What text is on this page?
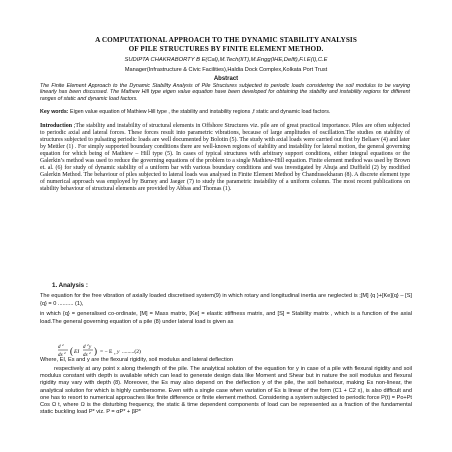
A COMPUTATIONAL APPROACH TO THE DYNAMIC STABILITY ANALYSIS
OF PILE STRUCTURES BY FINITE ELEMENT METHOD.
SUDIPTA CHAKRABORTY B E(Cal),M.Tech(IIT),M.Engg(IHE,Delft),F.I.E(I),C.E
Manager(Infrastructure & Civic Facilities),Haldia Dock Complex,Kolkata Port Trust
Abstract
The Finite Element Approach to the Dynamic Stability Analysis of Pile Structures subjected to periodic loads considering the soil modulus to be varying linearly has been discussed. The Mathew Hill type eigen value equation have been developed for obtaining the stability and instability regions for different ranges of static and dynamic load factors.
Key words: Eigen value equation of Mathiew Hill type , the stability and instability regions ,f static and dynamic load factors.
Introduction ;The stability and instability of structural elements in Offshore Structures viz. pile are of great practical importance. Piles are often subjected to periodic axial and lateral forces. These forces result into parametric vibrations, because of large amplitudes of oscillation.The studies on stability of structures subjected to pulsating periodic loads are well documented by Bolotin (5). The study with axial loads were carried out first by Beliaev (4) and later by Mettler (1) . For simply supported boundary conditions there are well-known regions of stability and instability for lateral motion, the general governing equation for which being of Mathiew – Hill type (5). In cases of typical structures with arbitrary support conditions, either integral equations or the Galerkin’s method was used to reduce the governing equations of the problem to a single Mathiew-Hill equation. Finite element method was used by Brown et. al. (6) for study of dynamic stability of a uniform bar with various boundary conditions and was investigated by Ahuja and Duffield (2) by modified Galerkin Method. The behaviour of piles subjected to lateral loads was analysed in Finite Element Method by Chandrasekharan (8). A discrete element type of numerical approach was employed by Burney and Jaeger (7) to study the parametric instability of a uniform column. The most recent publications on stability behaviour of structural elements are provided by Abbas and Thomas (1).
1. Analysis :
The equation for the free vibration of axially loaded discretised system(9) in which rotary and longitudinal inertia are neglected is ;[M] {q }+[Ke]{q} – [S]{q} = 0 .......... (1),
in which {q} = generalised co-ordinate, [M] = Mass matrix, [Ke] = elastic stiffness matrix, and [S] = Stability matrix , which is a function of the axial load.The general governing equation of a pile (8) under lateral load is given as
d 2
dx 2 ( EI
d 2 y
dx 2 ) = − E s y .........(2)
Where, EI, Es and y are the flexural rigidity, soil modulus and lateral deflection
respectively at any point x along thelength of the pile. The analytical solution of the equation for y in case of a pile with flexural rigidity and soil modulus constant with depth is available which can lead to generate design data like Moment and Shear but in nature the soil modulus and flexural rigidity may vary with depth (8). Moreover, the Es may also depend on the deflection y of the pile, the soil behaviour, making Es non-linear, the analytical solution for which is highly cumbersome. Even with a single case when variation of Es is linear of the form (C1 + C2 x), is also difficult and one has to resort to numerical approaches like finite difference or finite element method. Considering a system subjected to periodic force P(t) = Po+Pt Cos Ω t, where Ω is the disturbing frequency, the static & time dependent components of load can be represented as a fraction of the fundamental static buckling load P* viz. P = αP* + βP*
